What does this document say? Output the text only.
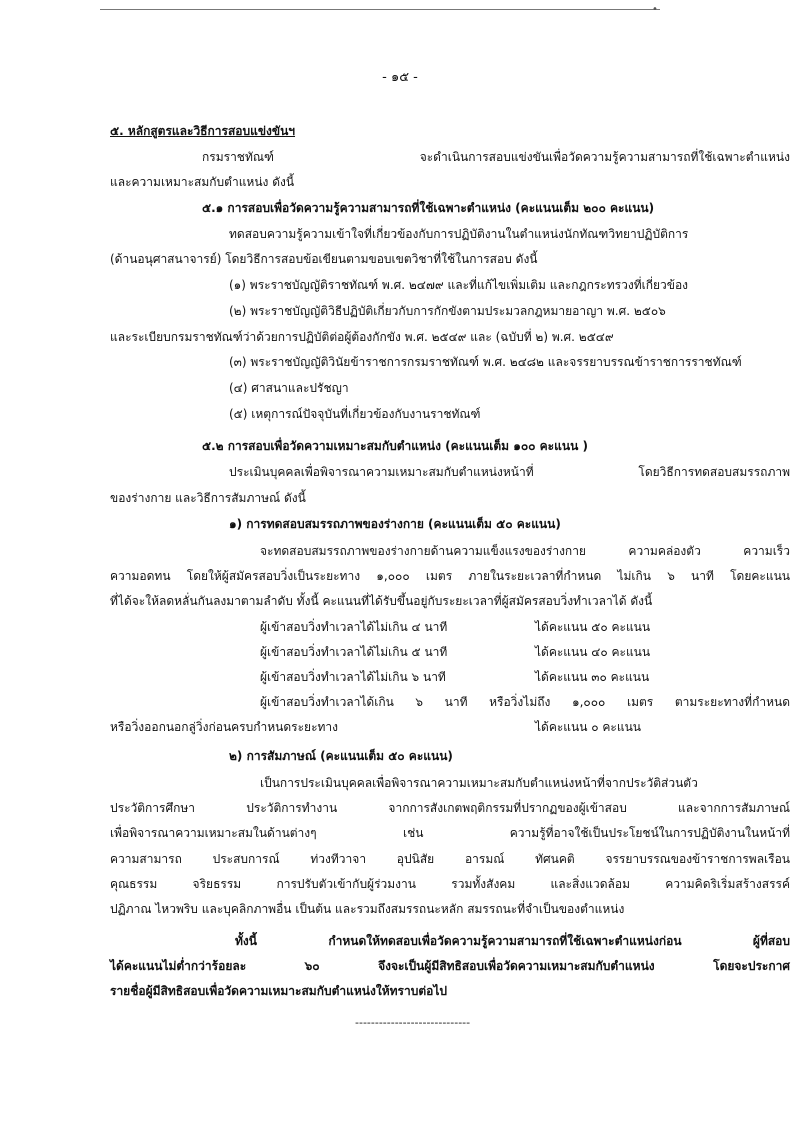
•
- ๑๕ -

๕. หลักสูตรและวิธีการสอบแข่งขันฯ

กรมราชทัณฑ์ จะดำเนินการสอบแข่งขันเพื่อวัดความรู้ความสามารถที่ใช้เฉพาะตำแหน่ง

และความเหมาะสมกับตำแหน่ง ดังนี้

๕.๑ การสอบเพื่อวัดความรู้ความสามารถที่ใช้เฉพาะตำแหน่ง (คะแนนเต็ม ๒๐๐ คะแนน)

ทดสอบความรู้ความเข้าใจที่เกี่ยวข้องกับการปฏิบัติงานในตำแหน่งนักทัณฑวิทยาปฏิบัติการ

(ด้านอนุศาสนาจารย์) โดยวิธีการสอบข้อเขียนตามขอบเขตวิชาที่ใช้ในการสอบ ดังนี้

(๑) พระราชบัญญัติราชทัณฑ์ พ.ศ. ๒๔๗๙ และที่แก้ไขเพิ่มเติม และกฎกระทรวงที่เกี่ยวข้อง

(๒) พระราชบัญญัติวิธีปฏิบัติเกี่ยวกับการกักขังตามประมวลกฎหมายอาญา พ.ศ. ๒๕๐๖

และระเบียบกรมราชทัณฑ์ว่าด้วยการปฏิบัติต่อผู้ต้องกักขัง พ.ศ. ๒๕๔๙ และ (ฉบับที่ ๒) พ.ศ. ๒๕๔๙

(๓) พระราชบัญญัติวินัยข้าราชการกรมราชทัณฑ์ พ.ศ. ๒๔๘๒ และจรรยาบรรณข้าราชการราชทัณฑ์

(๔) ศาสนาและปรัชญา

(๕) เหตุการณ์ปัจจุบันที่เกี่ยวข้องกับงานราชทัณฑ์

๕.๒ การสอบเพื่อวัดความเหมาะสมกับตำแหน่ง (คะแนนเต็ม ๑๐๐ คะแนน )

ประเมินบุคคลเพื่อพิจารณาความเหมาะสมกับตำแหน่งหน้าที่ โดยวิธีการทดสอบสมรรถภาพ

ของร่างกาย และวิธีการสัมภาษณ์ ดังนี้

๑) การทดสอบสมรรถภาพของร่างกาย (คะแนนเต็ม ๕๐ คะแนน)

จะทดสอบสมรรถภาพของร่างกายด้านความแข็งแรงของร่างกาย ความคล่องตัว ความเร็ว

ความอดทน โดยให้ผู้สมัครสอบวิ่งเป็นระยะทาง ๑,๐๐๐ เมตร ภายในระยะเวลาที่กำหนด ไม่เกิน ๖ นาที โดยคะแนน

ที่ได้จะให้ลดหลั่นกันลงมาตามลำดับ ทั้งนี้ คะแนนที่ได้รับขึ้นอยู่กับระยะเวลาที่ผู้สมัครสอบวิ่งทำเวลาได้ ดังนี้

ผู้เข้าสอบวิ่งทำเวลาได้ไม่เกิน ๔ นาที	ได้คะแนน ๕๐ คะแนน

ผู้เข้าสอบวิ่งทำเวลาได้ไม่เกิน ๕ นาที	ได้คะแนน ๔๐ คะแนน

ผู้เข้าสอบวิ่งทำเวลาได้ไม่เกิน ๖ นาที	ได้คะแนน ๓๐ คะแนน

ผู้เข้าสอบวิ่งทำเวลาได้เกิน ๖ นาที หรือวิ่งไม่ถึง ๑,๐๐๐ เมตร ตามระยะทางที่กำหนด

หรือวิ่งออกนอกลู่วิ่งก่อนครบกำหนดระยะทาง	ได้คะแนน ๐ คะแนน

๒) การสัมภาษณ์ (คะแนนเต็ม ๕๐ คะแนน)

เป็นการประเมินบุคคลเพื่อพิจารณาความเหมาะสมกับตำแหน่งหน้าที่จากประวัติส่วนตัว

ประวัติการศึกษา ประวัติการทำงาน จากการสังเกตพฤติกรรมที่ปรากฏของผู้เข้าสอบ และจากการสัมภาษณ์

เพื่อพิจารณาความเหมาะสมในด้านต่างๆ เช่น ความรู้ที่อาจใช้เป็นประโยชน์ในการปฏิบัติงานในหน้าที่

ความสามารถ ประสบการณ์ ท่วงทีวาจา อุปนิสัย อารมณ์ ทัศนคติ จรรยาบรรณของข้าราชการพลเรือน

คุณธรรม จริยธรรม การปรับตัวเข้ากับผู้ร่วมงาน รวมทั้งสังคม และสิ่งแวดล้อม ความคิดริเริ่มสร้างสรรค์

ปฏิภาณ ไหวพริบ และบุคลิกภาพอื่น เป็นต้น และรวมถึงสมรรถนะหลัก สมรรถนะที่จำเป็นของตำแหน่ง

ทั้งนี้ กำหนดให้ทดสอบเพื่อวัดความรู้ความสามารถที่ใช้เฉพาะตำแหน่งก่อน ผู้ที่สอบ

ได้คะแนนไม่ต่ำกว่าร้อยละ ๖๐ จึงจะเป็นผู้มีสิทธิสอบเพื่อวัดความเหมาะสมกับตำแหน่ง โดยจะประกาศ

รายชื่อผู้มีสิทธิสอบเพื่อวัดความเหมาะสมกับตำแหน่งให้ทราบต่อไป

-----------------------------
